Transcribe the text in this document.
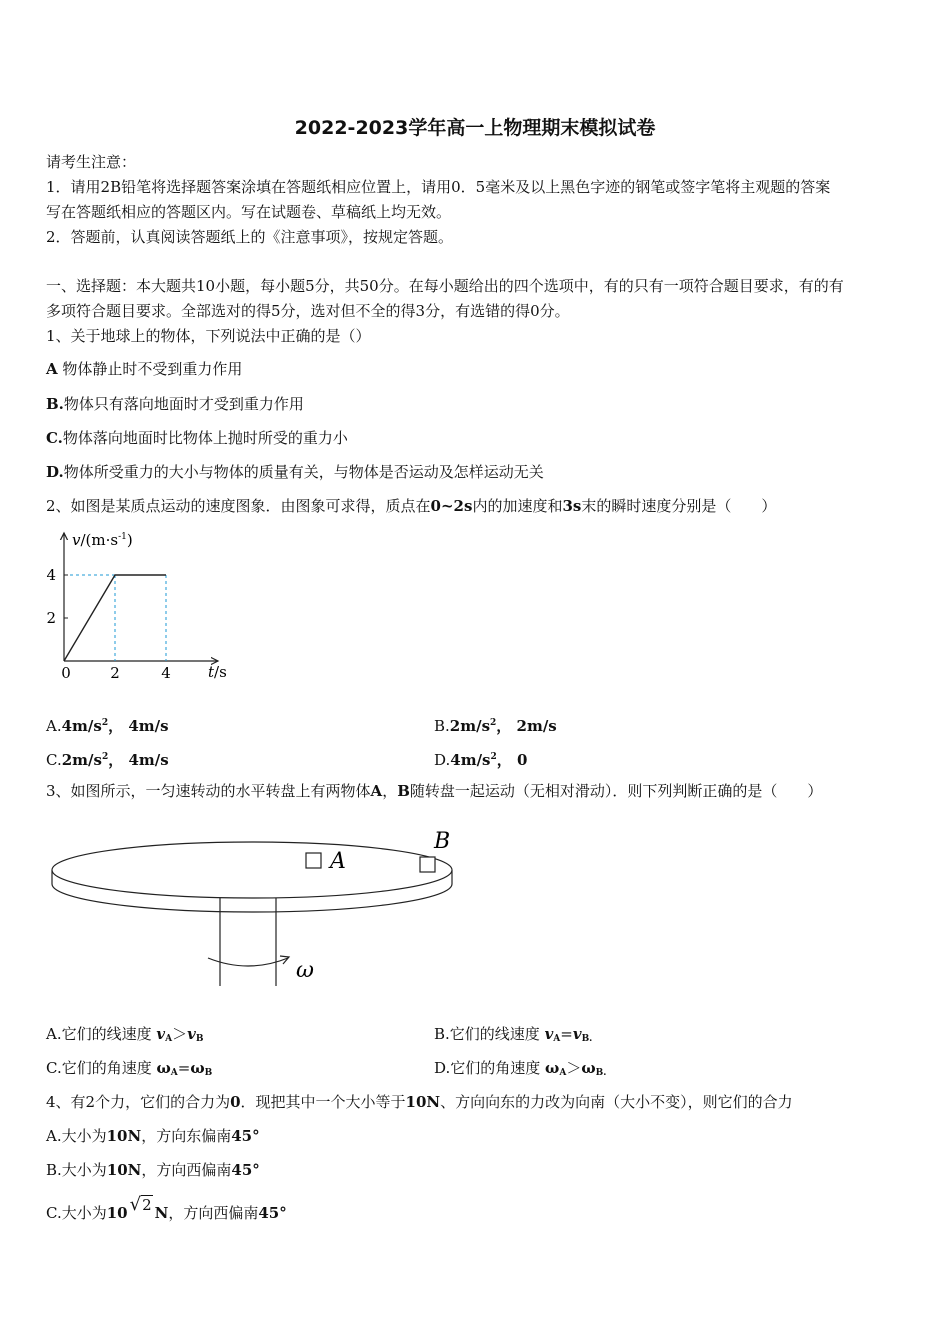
2022-2023学年高一上物理期末模拟试卷
请考生注意：
1．请用2B铅笔将选择题答案涂填在答题纸相应位置上，请用0．5毫米及以上黑色字迹的钢笔或签字笔将主观题的答案
写在答题纸相应的答题区内。写在试题卷、草稿纸上均无效。
2．答题前，认真阅读答题纸上的《注意事项》，按规定答题。
一、选择题：本大题共10小题，每小题5分，共50分。在每小题给出的四个选项中，有的只有一项符合题目要求，有的有
多项符合题目要求。全部选对的得5分，选对但不全的得3分，有选错的得0分。
1、关于地球上的物体，下列说法中正确的是（）
A 物体静止时不受到重力作用
B.物体只有落向地面时才受到重力作用
C.物体落向地面时比物体上抛时所受的重力小
D.物体所受重力的大小与物体的质量有关，与物体是否运动及怎样运动无关
2、如图是某质点运动的速度图象．由图象可求得，质点在0~2s内的加速度和3s末的瞬时速度分别是（　　）
4
2
0	2	4
$v/(m\cdot s^{-1})$
t/s
$A.4m/s^2$， 4m/s	$B.2m/s^2$， 2m/s
$C.2m/s^2$， 4m/s	$D.4m/s^2$， 0
3、如图所示，一匀速转动的水平转盘上有两物体A，B随转盘一起运动（无相对滑动）．则下列判断正确的是（　　）
A
B
ω
A.它们的线速度 $v_A>v_B$	B.它们的线速度 $v_A=v_{B.}$
C.它们的角速度 $\omega_A=\omega_B$	D.它们的角速度 $\omega_A>\omega_{B.}$
4、有2个力，它们的合力为0．现把其中一个大小等于10N、方向向东的力改为向南（大小不变），则它们的合力
A.大小为10N，方向东偏南45°
B.大小为10N，方向西偏南45°
C.大小为10 √2 N，方向西偏南45°
